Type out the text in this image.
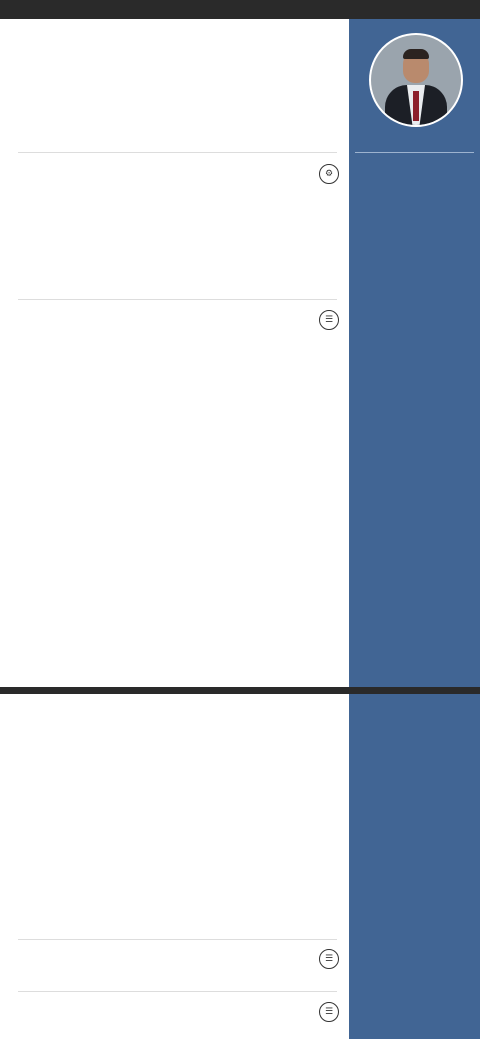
⚙
☰
☰
☰
